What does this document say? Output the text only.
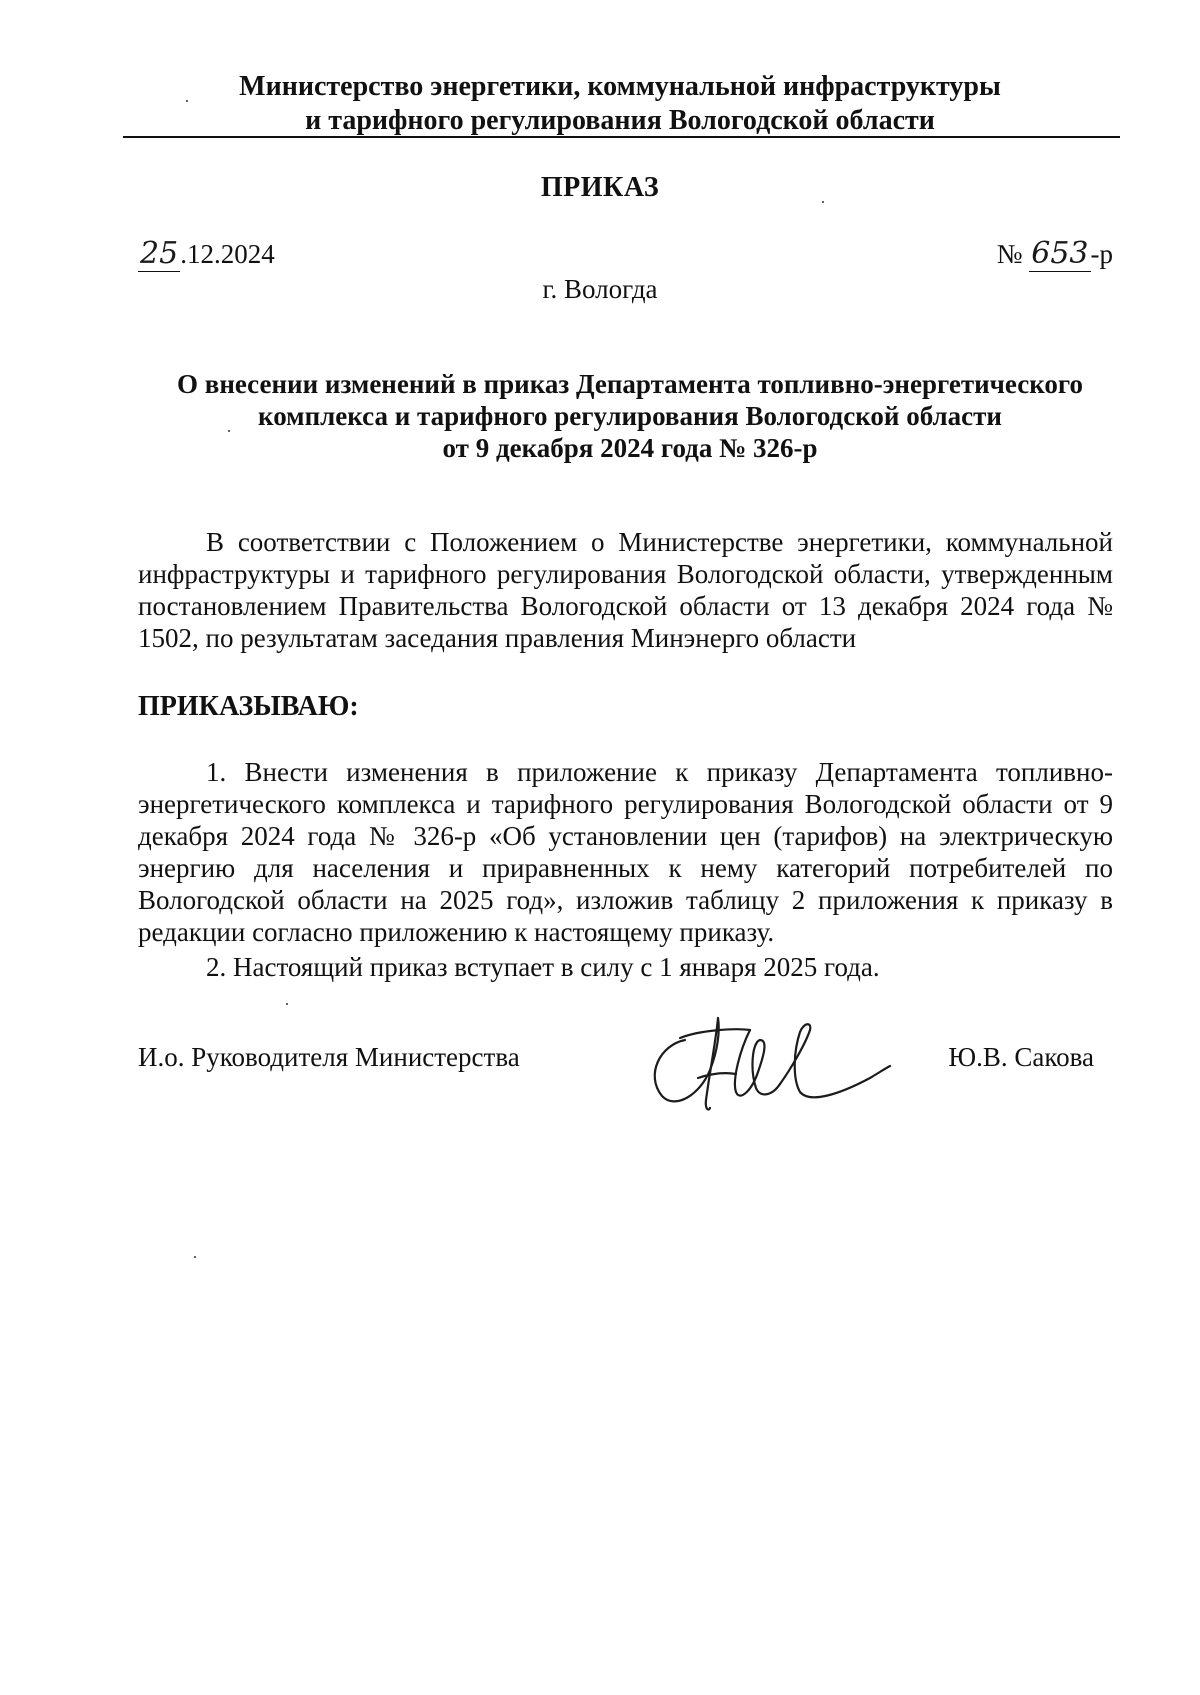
Министерство энергетики, коммунальной инфраструктуры
и тарифного регулирования Вологодской области
ПРИКАЗ
25.12.2024	№ 653-р
г. Вологда
О внесении изменений в приказ Департамента топливно-энергетического
комплекса и тарифного регулирования Вологодской области
от 9 декабря 2024 года № 326-р
В соответствии с Положением о Министерстве энергетики, коммунальной инфраструктуры и тарифного регулирования Вологодской области, утвержденным постановлением Правительства Вологодской области от 13 декабря 2024 года № 1502, по результатам заседания правления Минэнерго области
ПРИКАЗЫВАЮ:
1. Внести изменения в приложение к приказу Департамента топливно-энергетического комплекса и тарифного регулирования Вологодской области от 9 декабря 2024 года № 326-р «Об установлении цен (тарифов) на электрическую энергию для населения и приравненных к нему категорий потребителей по Вологодской области на 2025 год», изложив таблицу 2 приложения к приказу в редакции согласно приложению к настоящему приказу.
2. Настоящий приказ вступает в силу с 1 января 2025 года.
И.о. Руководителя Министерства	Ю.В. Сакова
